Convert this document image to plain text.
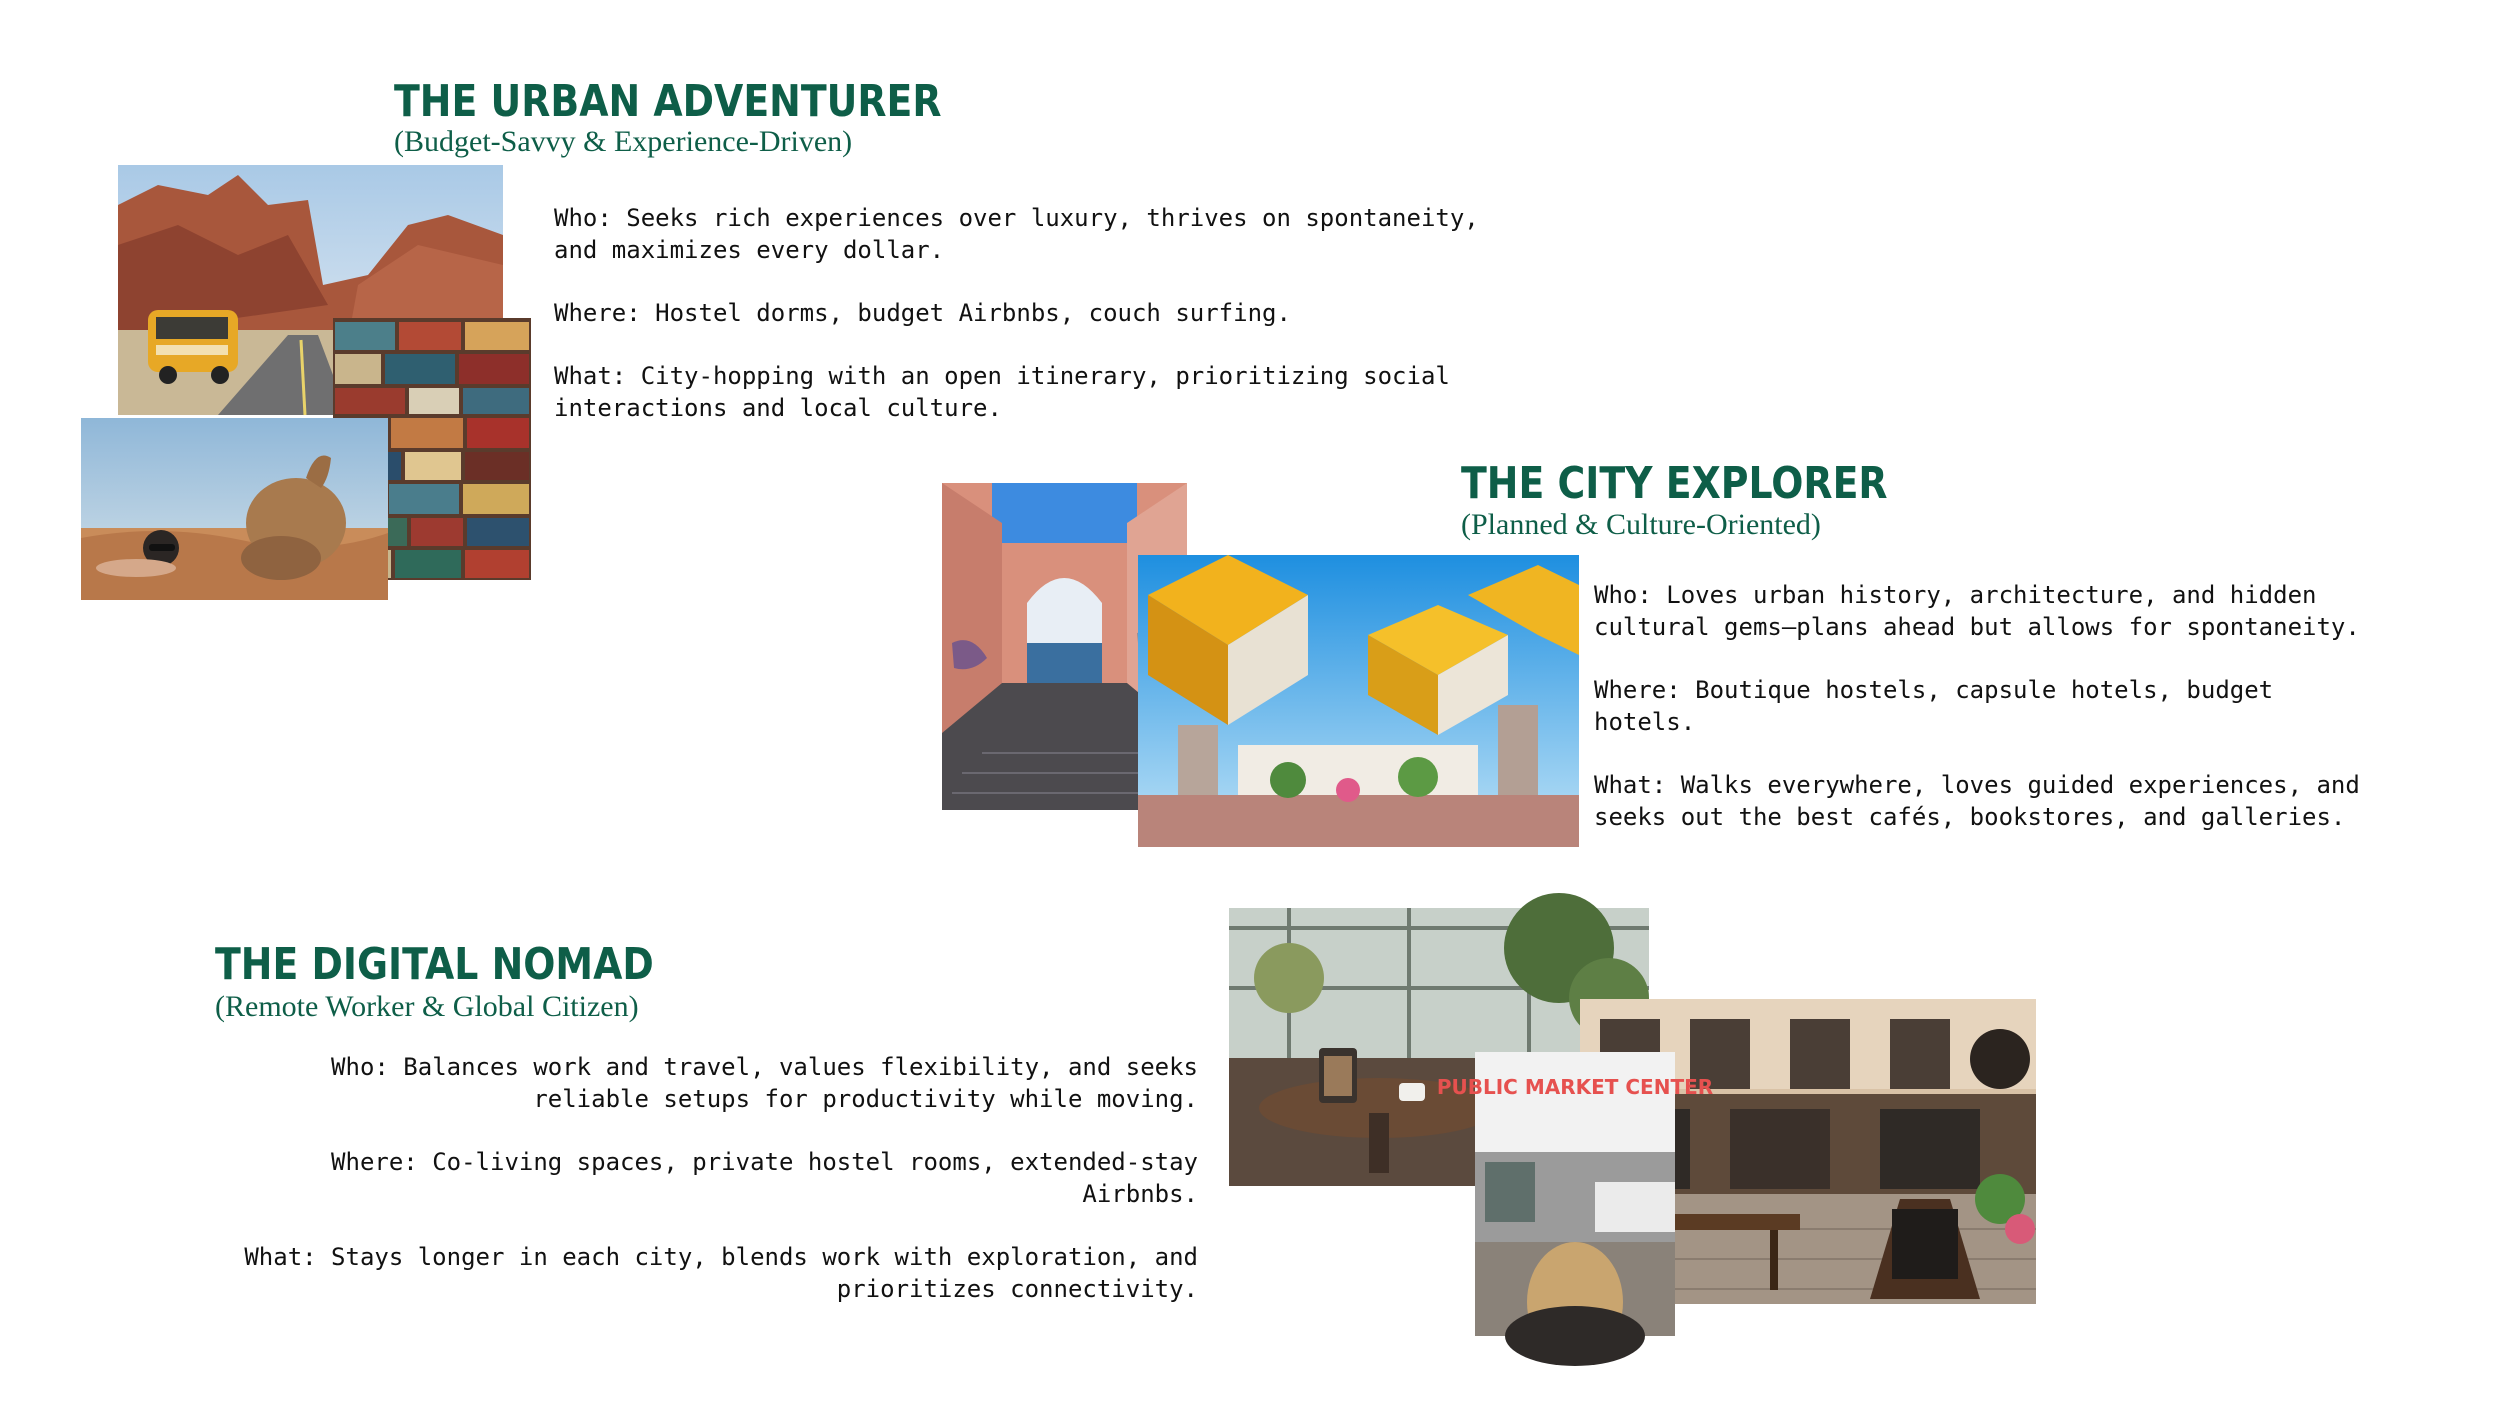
THE URBAN ADVENTURER
(Budget-Savvy & Experience-Driven)

Who: Seeks rich experiences over luxury, thrives on spontaneity,
and maximizes every dollar.

Where: Hostel dorms, budget Airbnbs, couch surfing.

What: City-hopping with an open itinerary, prioritizing social
interactions and local culture.

THE CITY EXPLORER
(Planned & Culture-Oriented)

Who: Loves urban history, architecture, and hidden
cultural gems—plans ahead but allows for spontaneity.

Where: Boutique hostels, capsule hotels, budget
hotels.

What: Walks everywhere, loves guided experiences, and
seeks out the best cafés, bookstores, and galleries.

THE DIGITAL NOMAD
(Remote Worker & Global Citizen)

Who: Balances work and travel, values flexibility, and seeks
reliable setups for productivity while moving.

Where: Co-living spaces, private hostel rooms, extended-stay
Airbnbs.

What: Stays longer in each city, blends work with exploration, and
prioritizes connectivity.

PUBLIC MARKET CENTER
